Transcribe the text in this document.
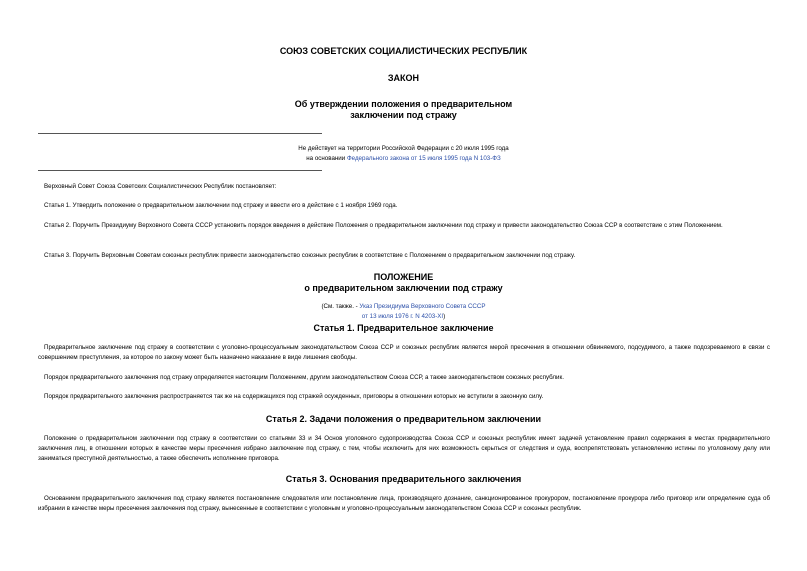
СОЮЗ СОВЕТСКИХ СОЦИАЛИСТИЧЕСКИХ РЕСПУБЛИК
ЗАКОН
Об утверждении положения о предварительном
заключении под стражу
Не действует на территории Российской Федерации с 20 июля 1995 года
на основании Федерального закона от 15 июля 1995 года N 103-ФЗ
Верховный Совет Союза Советских Социалистических Республик постановляет:
Статья 1. Утвердить положение о предварительном заключении под стражу и ввести его в действие с 1 ноября 1969 года.
Статья 2. Поручить Президиуму Верховного Совета СССР установить порядок введения в действие Положения о предварительном заключении под стражу и привести законодательство Союза ССР в соответствие с этим Положением.
Статья 3. Поручить Верховным Советам союзных республик привести законодательство союзных республик в соответствие с Положением о предварительном заключении под стражу.
ПОЛОЖЕНИЕ
о предварительном заключении под стражу
(См. также. - Указ Президиума Верховного Совета СССР
от 13 июля 1976 г. N 4203-XI)
Статья 1. Предварительное заключение
Предварительное заключение под стражу в соответствии с уголовно-процессуальным законодательством Союза ССР и союзных республик является мерой пресечения в отношении обвиняемого, подсудимого, а также подозреваемого в связи с совершением преступления, за которое по закону может быть назначено наказание в виде лишения свободы.
Порядок предварительного заключения под стражу определяется настоящим Положением, другим законодательством Союза ССР, а также законодательством союзных республик.
Порядок предварительного заключения распространяется так же на содержащихся под стражей осужденных, приговоры в отношении которых не вступили в законную силу.
Статья 2. Задачи положения о предварительном заключении
Положение о предварительном заключении под стражу в соответствии со статьями 33 и 34 Основ уголовного судопроизводства Союза ССР и союзных республик имеет задачей установление правил содержания в местах предварительного заключения лиц, в отношении которых в качестве меры пресечения избрано заключение под стражу, с тем, чтобы исключить для них возможность скрыться от следствия и суда, воспрепятствовать установлению истины по уголовному делу или заниматься преступной деятельностью, а также обеспечить исполнение приговора.
Статья 3. Основания предварительного заключения
Основанием предварительного заключения под стражу является постановление следователя или постановление лица, производящего дознание, санкционированное прокурором, постановление прокурора либо приговор или определение суда об избрании в качестве меры пресечения заключения под стражу, вынесенные в соответствии с уголовным и уголовно-процессуальным законодательством Союза ССР и союзных республик.
